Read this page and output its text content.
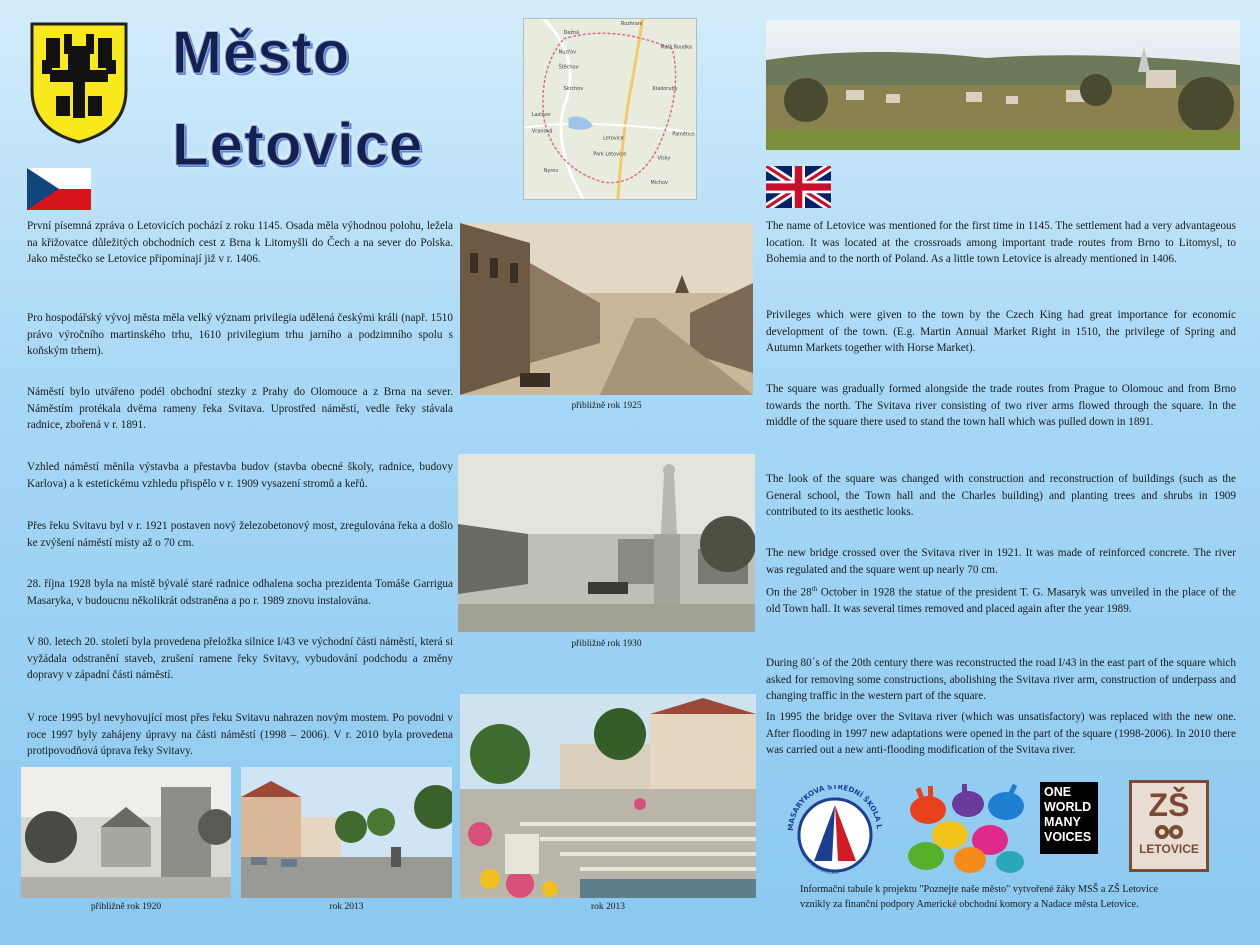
Město
Letovice
Rozhraní
Dežná
Nuzřav
Skrchov
Štěchov
Lazinov
Vranová
Letovice
Park Letovice
Nyrov
Malá Roudka
Kladoruby
Vísky
Michov
Pamětice
První písemná zpráva o Letovicích pochází z roku 1145. Osada měla výhodnou polohu, ležela na křižovatce důležitých obchodních cest z Brna k Litomyšli do Čech a na sever do Polska. Jako městečko se Letovice připomínají již v r. 1406.
Pro hospodářský vývoj města měla velký význam privilegia udělená českými králi (např. 1510 právo výročního martinského trhu, 1610 privilegium trhu jarního a podzimního spolu s koňským trhem).
Náměstí bylo utvářeno podél obchodní stezky z Prahy do Olomouce a z Brna na sever. Náměstím protékala dvěma rameny řeka Svitava. Uprostřed náměstí, vedle řeky stávala radnice, zbořená v r. 1891.
Vzhled náměstí měnila výstavba a přestavba budov (stavba obecné školy, radnice, budovy Karlova) a k estetickému vzhledu přispělo v r. 1909 vysazení stromů a keřů.
Přes řeku Svitavu byl v r. 1921 postaven nový železobetonový most, zregulována řeka a došlo ke zvýšení náměstí místy až o 70 cm.
28. října 1928 byla na místě bývalé staré radnice odhalena socha prezidenta Tomáše Garrigua Masaryka, v budoucnu několikrát odstraněna a po r. 1989 znovu instalována.
V 80. letech 20. století byla provedena přeložka silnice I/43 ve východní části náměstí, která si vyžádala odstranění staveb, zrušení ramene řeky Svitavy, vybudování podchodu a změny dopravy v západní části náměstí.
V roce 1995 byl nevyhovující most přes řeku Svitavu nahrazen novým mostem. Po povodni v roce 1997 byly zahájeny úpravy na části náměstí (1998 – 2006). V r. 2010 byla provedena protipovodňová úprava řeky Svitavy.
přibližně rok 1925
přibližně rok 1930
rok 2013
přibližně rok 1920	rok 2013
The name of Letovice was mentioned for the first time in 1145. The settlement had a very advantageous location. It was located at the crossroads among important trade routes from Brno to Litomysl, to Bohemia and to the north of Poland. As a little town Letovice is already mentioned in 1406.
Privileges which were given to the town by the Czech King had great importance for economic development of the town. (E.g. Martin Annual Market Right in 1510, the privilege of Spring and Autumn Markets together with Horse Market).
The square was gradually formed alongside the trade routes from Prague to Olomouc and from Brno towards the north. The Svitava river consisting of two river arms flowed through the square. In the middle of the square there used to stand the town hall which was pulled down in 1891.
The look of the square was changed with construction and reconstruction of buildings (such as the General school, the Town hall and the Charles building) and planting trees and shrubs in 1909 contributed to its aesthetic looks.
The new bridge crossed over the Svitava river in 1921. It was made of reinforced concrete. The river was regulated and the square went up nearly 70 cm.
On the 28th October in 1928 the statue of the president T. G. Masaryk was unveiled in the place of the old Town hall. It was several times removed and placed again after the year 1989.
During 80´s of the 20th century there was reconstructed the road I/43 in the east part of the square which asked for removing some constructions, abolishing the Svitava river arm, construction of underpass and changing traffic in the western part of the square.
In 1995 the bridge over the Svitava river (which was unsatisfactory) was replaced with the new one. After flooding in 1997 new adaptations were opened in the part of the square (1998-2006). In 2010 there was carried out a new anti-flooding modification of the Svitava river.
MASARYKOVA STŘEDNÍ ŠKOLA L
PŘÍSPĚVKOVÁ ORGANIZACE
ONE
WORLD
MANY
VOICES
ZŠ
LETOVICE
Informační tabule k projektu "Poznejte naše město" vytvořené žáky MSŠ a ZŠ Letovice
vznikly za finanční podpory Americké obchodní komory a Nadace města Letovice.
